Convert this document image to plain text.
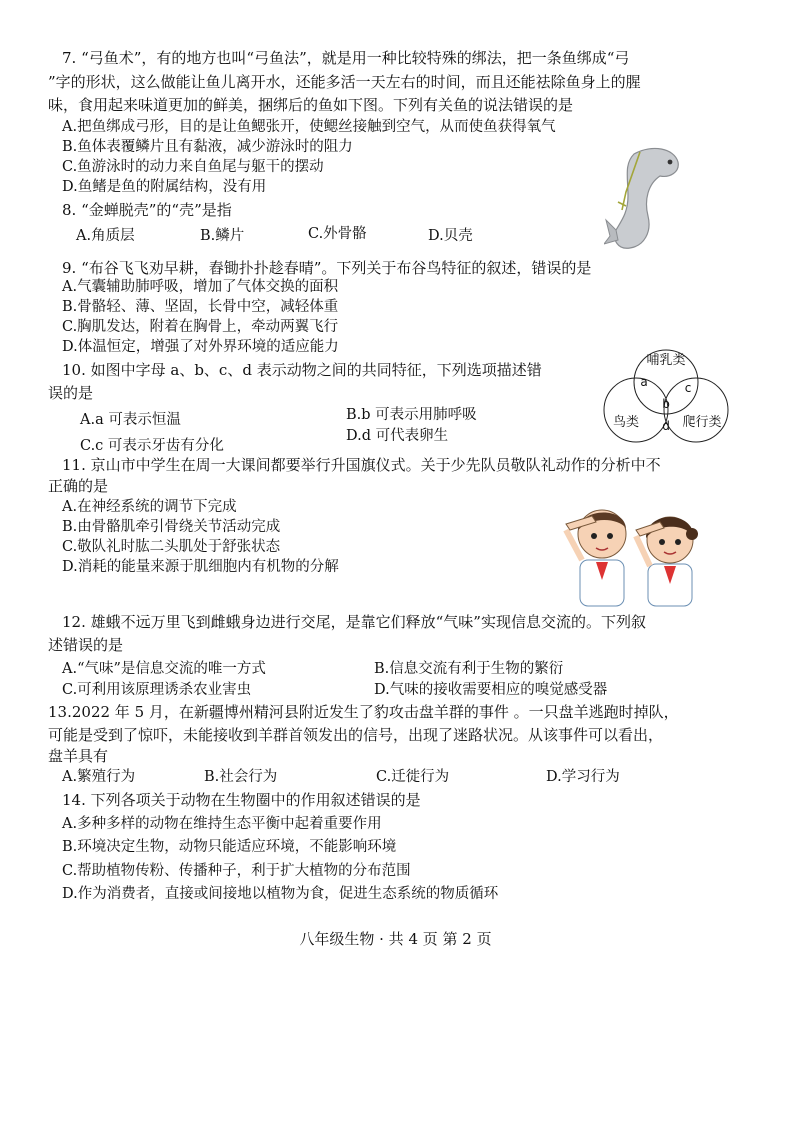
7. “弓鱼术”，有的地方也叫“弓鱼法”，就是用一种比较特殊的绑法，把一条鱼绑成“弓
”字的形状，这么做能让鱼儿离开水，还能多活一天左右的时间，而且还能祛除鱼身上的腥
味，食用起来味道更加的鲜美，捆绑后的鱼如下图。下列有关鱼的说法错误的是
A.把鱼绑成弓形，目的是让鱼鳃张开，使鳃丝接触到空气，从而使鱼获得氧气
B.鱼体表覆鳞片且有黏液，减少游泳时的阻力
C.鱼游泳时的动力来自鱼尾与躯干的摆动
D.鱼鳍是鱼的附属结构，没有用
8. “金蝉脱壳”的“壳”是指
A.角质层	B.鳞片	C.外骨骼	D.贝壳
9. “布谷飞飞劝早耕，舂锄扑扑趁春晴”。下列关于布谷鸟特征的叙述，错误的是
A.气囊辅助肺呼吸，增加了气体交换的面积
B.骨骼轻、薄、坚固，长骨中空，减轻体重
C.胸肌发达，附着在胸骨上，牵动两翼飞行
D.体温恒定，增强了对外界环境的适应能力
10. 如图中字母 a、b、c、d 表示动物之间的共同特征，下列选项描述错
误的是
A.a 可表示恒温	B.b 可表示用肺呼吸
C.c 可表示牙齿有分化
D.d 可代表卵生
哺乳类
鸟类	爬行类
a	c
b
d
11. 京山市中学生在周一大课间都要举行升国旗仪式。关于少先队员敬队礼动作的分析中不
正确的是
A.在神经系统的调节下完成
B.由骨骼肌牵引骨绕关节活动完成
C.敬队礼时肱二头肌处于舒张状态
D.消耗的能量来源于肌细胞内有机物的分解
12. 雄蛾不远万里飞到雌蛾身边进行交尾，是靠它们释放“气味”实现信息交流的。下列叙
述错误的是
A.“气味”是信息交流的唯一方式	B.信息交流有利于生物的繁衍
C.可利用该原理诱杀农业害虫	D.气味的接收需要相应的嗅觉感受器
13.2022 年 5 月，在新疆博州精河县附近发生了豹攻击盘羊群的事件 。一只盘羊逃跑时掉队，
可能是受到了惊吓，未能接收到羊群首领发出的信号，出现了迷路状况。从该事件可以看出，
盘羊具有
A.繁殖行为	B.社会行为	C.迁徙行为	D.学习行为
14. 下列各项关于动物在生物圈中的作用叙述错误的是
A.多种多样的动物在维持生态平衡中起着重要作用
B.环境决定生物，动物只能适应环境，不能影响环境
C.帮助植物传粉、传播种子，利于扩大植物的分布范围
D.作为消费者，直接或间接地以植物为食，促进生态系统的物质循环
八年级生物 · 共 4 页 第 2 页
